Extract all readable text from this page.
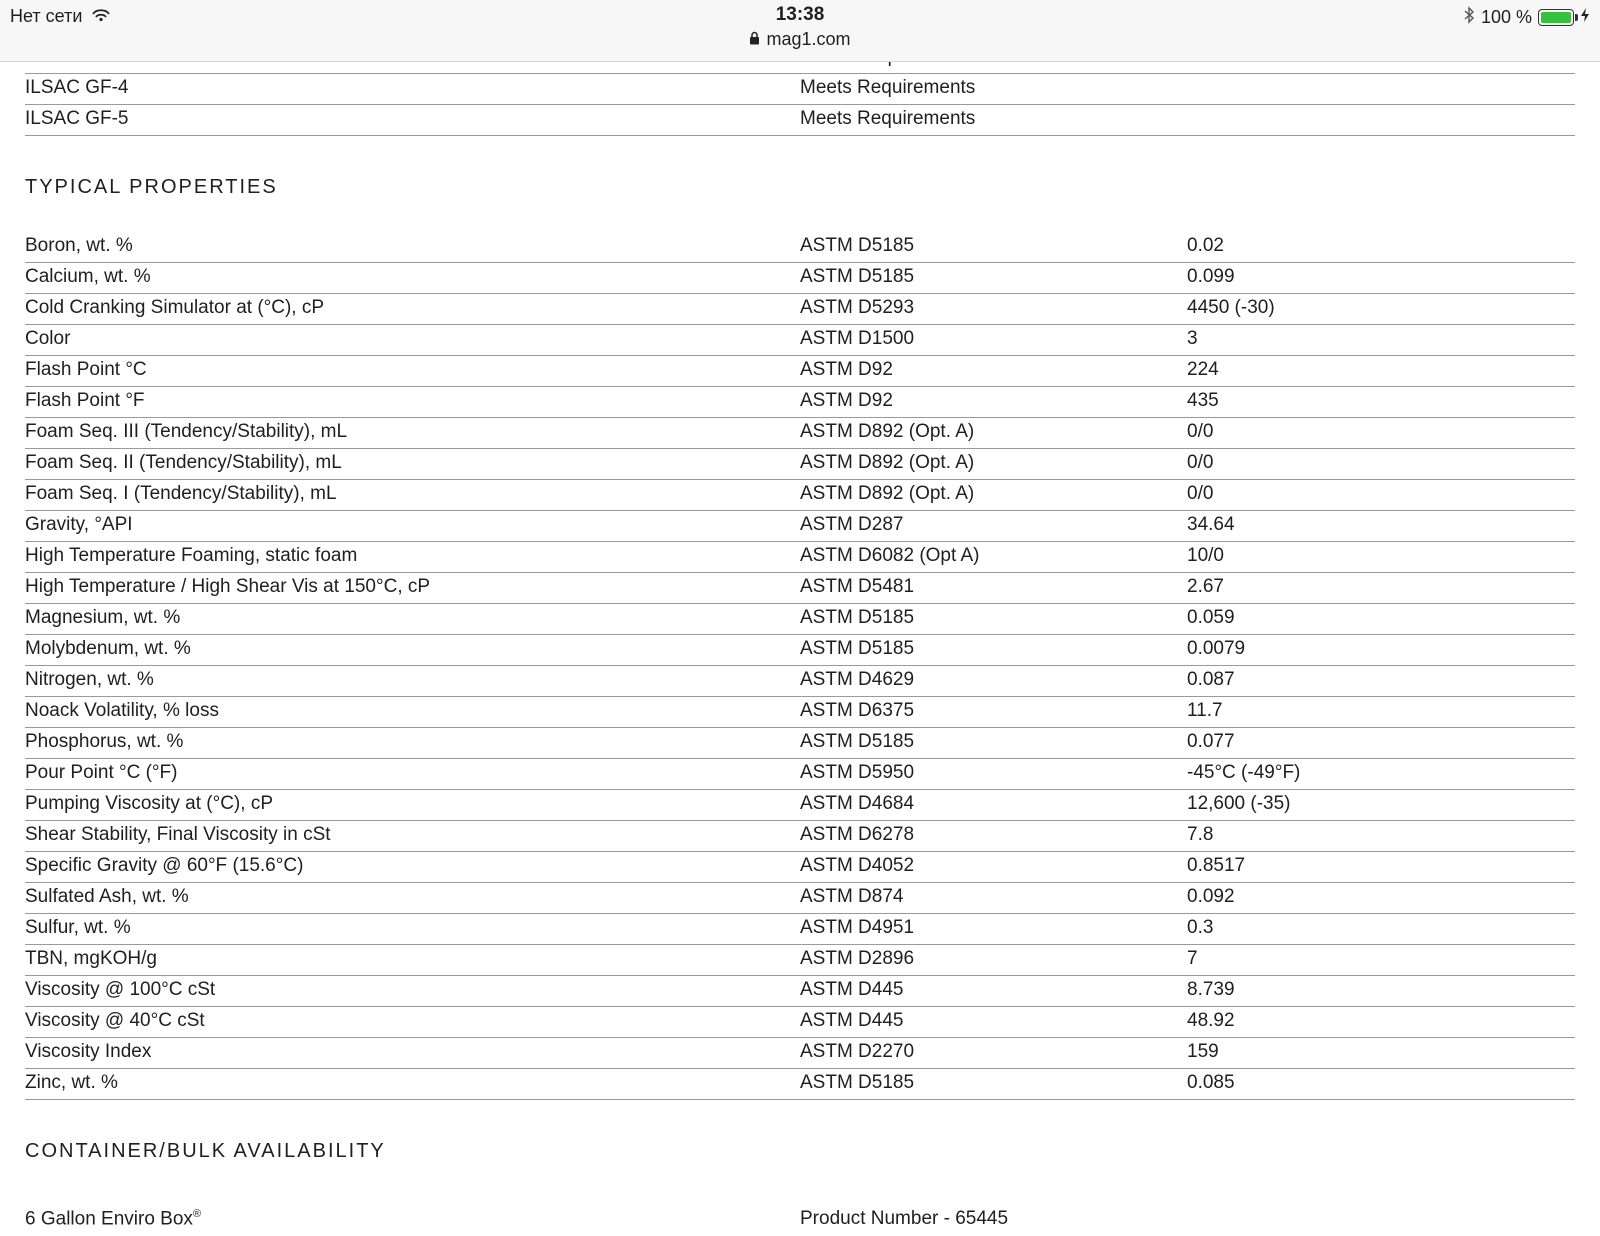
Нет сети	13:38
mag1.com
100 %
ILSAC GF-4	Meets Requirements
ILSAC GF-5	Meets Requirements
TYPICAL PROPERTIES
Boron, wt. %	ASTM D5185	0.02
Calcium, wt. %	ASTM D5185	0.099
Cold Cranking Simulator at (°C), cP	ASTM D5293	4450 (-30)
Color	ASTM D1500	3
Flash Point °C	ASTM D92	224
Flash Point °F	ASTM D92	435
Foam Seq. III (Tendency/Stability), mL	ASTM D892 (Opt. A)	0/0
Foam Seq. II (Tendency/Stability), mL	ASTM D892 (Opt. A)	0/0
Foam Seq. I (Tendency/Stability), mL	ASTM D892 (Opt. A)	0/0
Gravity, °API	ASTM D287	34.64
High Temperature Foaming, static foam	ASTM D6082 (Opt A)	10/0
High Temperature / High Shear Vis at 150°C, cP	ASTM D5481	2.67
Magnesium, wt. %	ASTM D5185	0.059
Molybdenum, wt. %	ASTM D5185	0.0079
Nitrogen, wt. %	ASTM D4629	0.087
Noack Volatility, % loss	ASTM D6375	11.7
Phosphorus, wt. %	ASTM D5185	0.077
Pour Point °C (°F)	ASTM D5950	-45°C (-49°F)
Pumping Viscosity at (°C), cP	ASTM D4684	12,600 (-35)
Shear Stability, Final Viscosity in cSt	ASTM D6278	7.8
Specific Gravity @ 60°F (15.6°C)	ASTM D4052	0.8517
Sulfated Ash, wt. %	ASTM D874	0.092
Sulfur, wt. %	ASTM D4951	0.3
TBN, mgKOH/g	ASTM D2896	7
Viscosity @ 100°C cSt	ASTM D445	8.739
Viscosity @ 40°C cSt	ASTM D445	48.92
Viscosity Index	ASTM D2270	159
Zinc, wt. %	ASTM D5185	0.085
CONTAINER/BULK AVAILABILITY
6 Gallon Enviro Box®	Product Number - 65445
